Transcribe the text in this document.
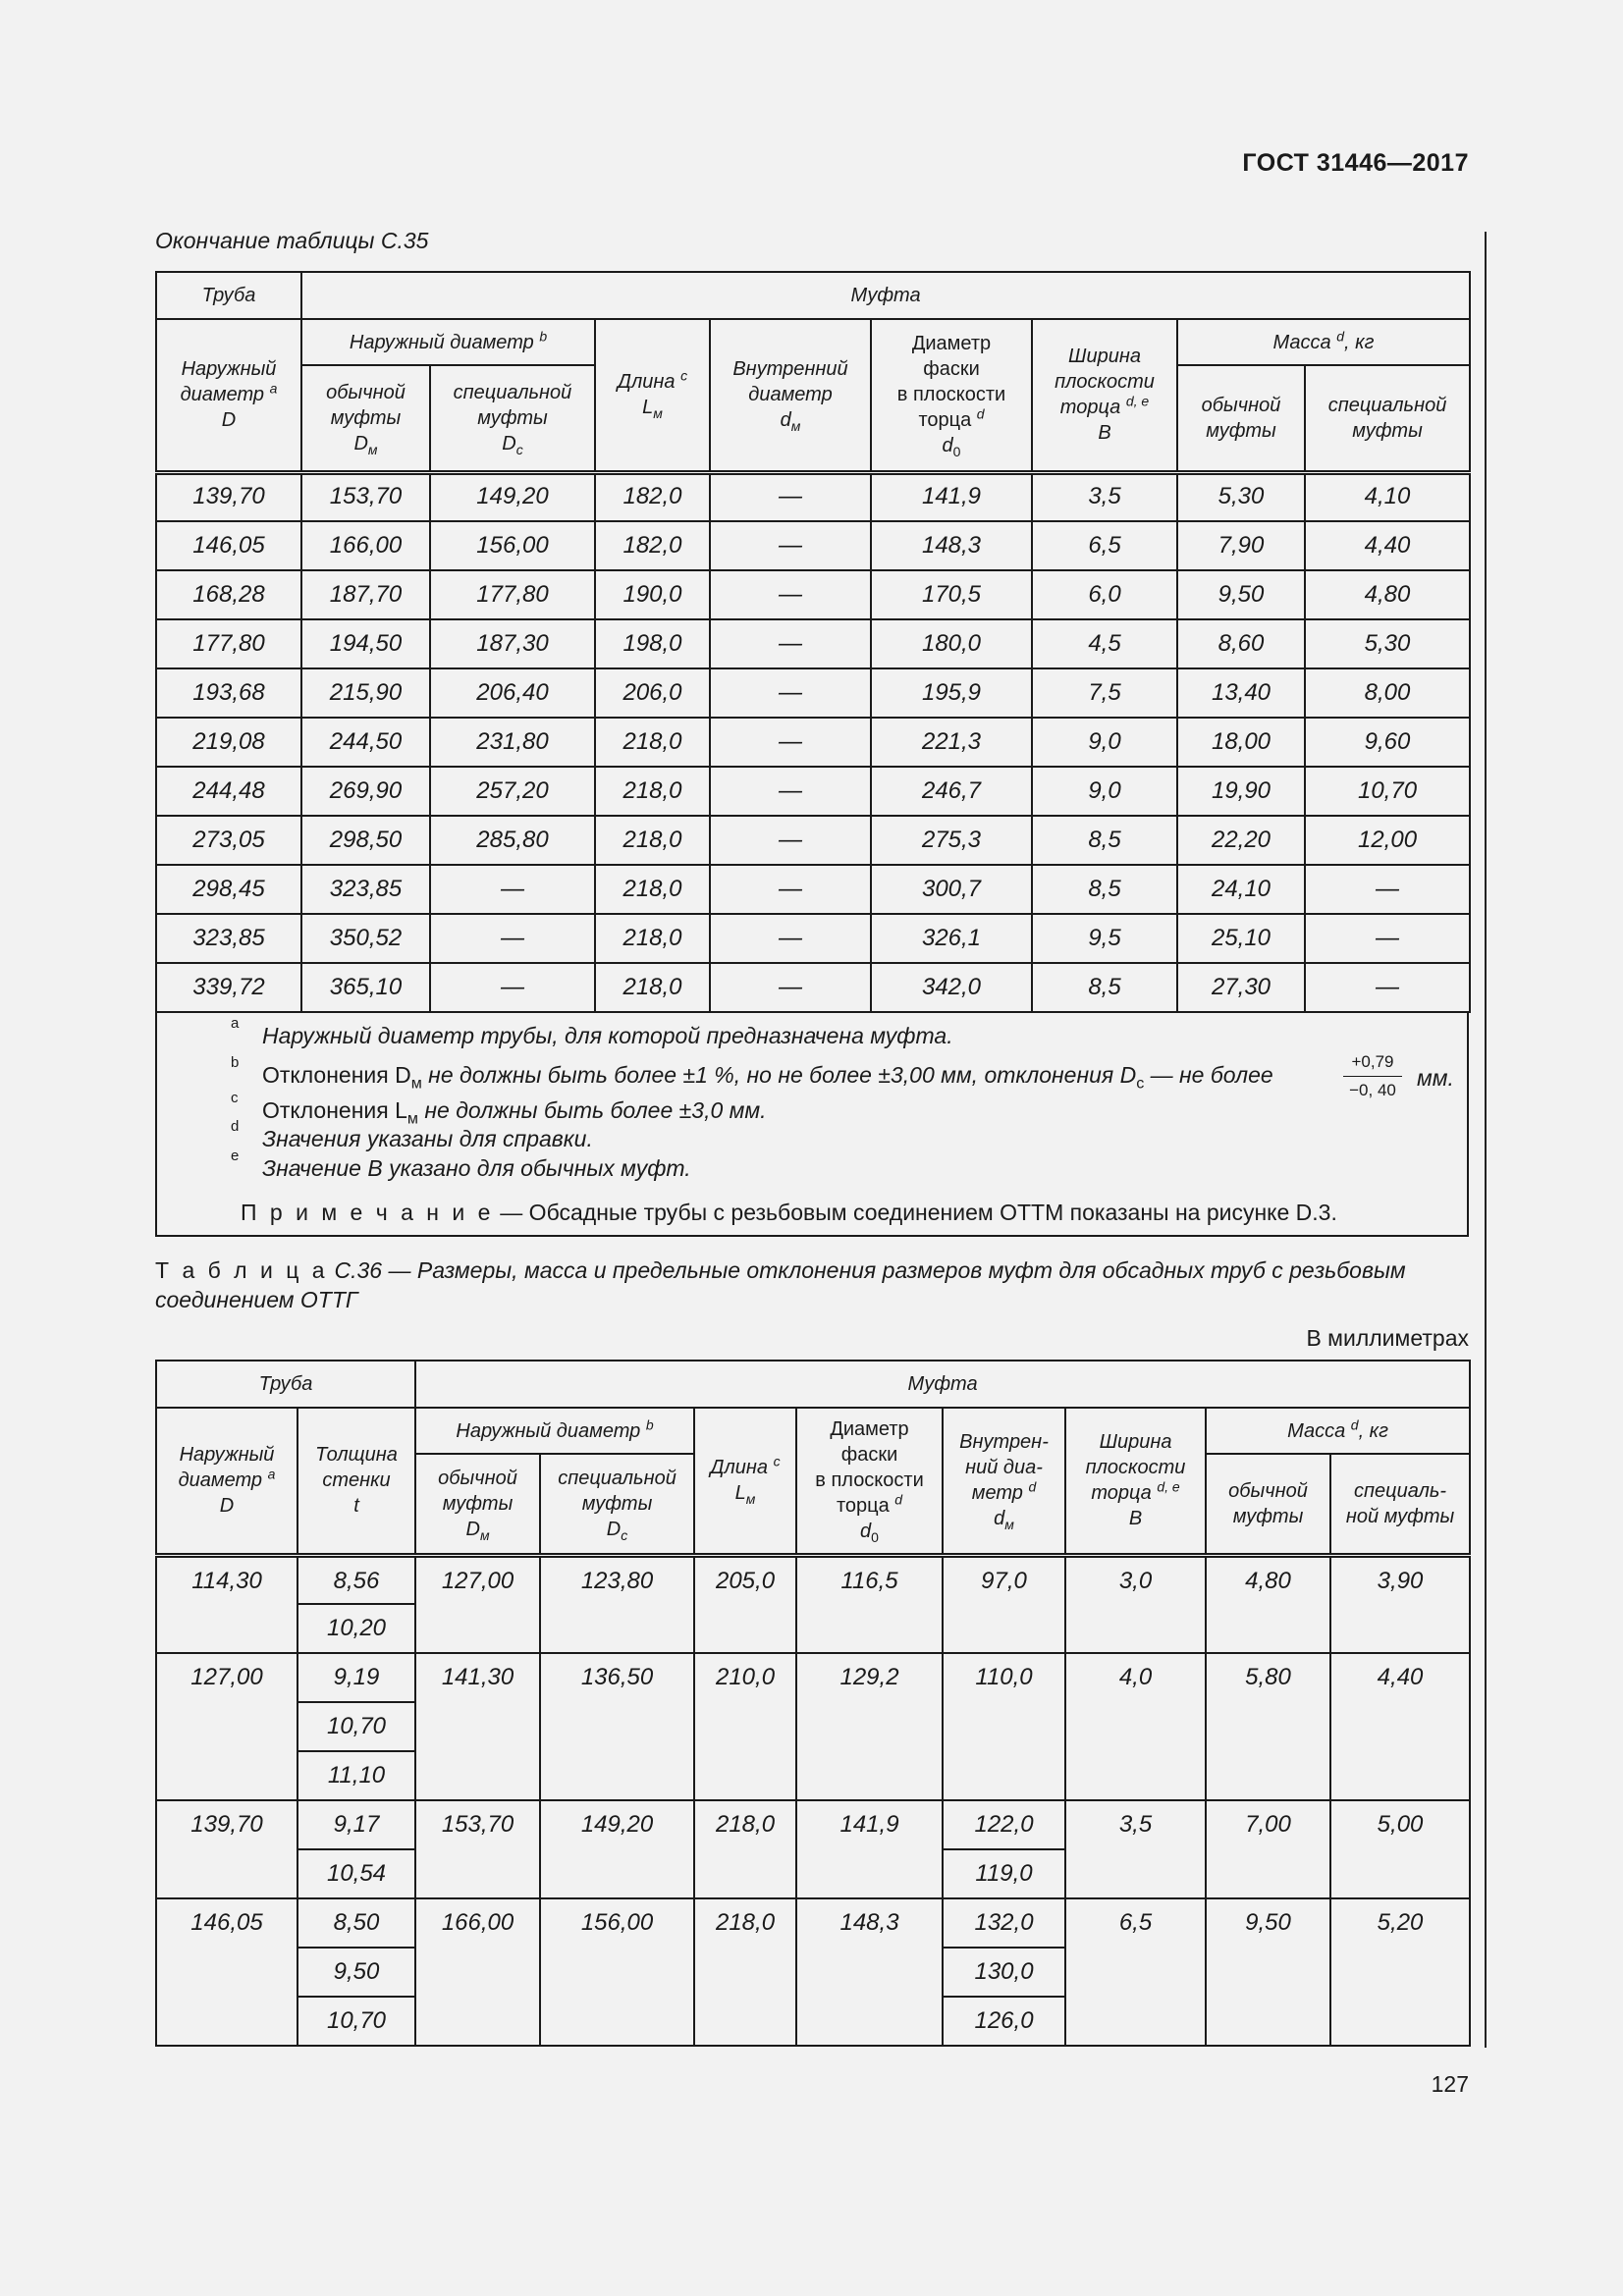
ГОСТ 31446—2017
Окончание таблицы С.35
Труба	Муфта							
Наружный
диаметр $^a$
D	Наружный диаметр $^b$		Длина $^c$
$L_м$	Внутренний
диаметр
$d_м$	Диаметр
фаски
в плоскости
торца $^d$
$d_0$	Ширина
плоскости
торца $^{d, e}$
B	Масса $^d$, кг	
	обычной
муфты
$D_м$	специальной
муфты
$D_с$					обычной
муфты	специальной
муфты
139,70	153,70	149,20	182,0	—	141,9	3,5	5,30	4,10
146,05	166,00	156,00	182,0	—	148,3	6,5	7,90	4,40
168,28	187,70	177,80	190,0	—	170,5	6,0	9,50	4,80
177,80	194,50	187,30	198,0	—	180,0	4,5	8,60	5,30
193,68	215,90	206,40	206,0	—	195,9	7,5	13,40	8,00
219,08	244,50	231,80	218,0	—	221,3	9,0	18,00	9,60
244,48	269,90	257,20	218,0	—	246,7	9,0	19,90	10,70
273,05	298,50	285,80	218,0	—	275,3	8,5	22,20	12,00
298,45	323,85	—	218,0	—	300,7	8,5	24,10	—
323,85	350,52	—	218,0	—	326,1	9,5	25,10	—
339,72	365,10	—	218,0	—	342,0	8,5	27,30	—
a Наружный диаметр трубы, для которой предназначена муфта.
b Отклонения $D_м$ не должны быть более ±1 %, но не более ±3,00 мм, отклонения $D_с$ — не более
+0,79
−0, 40 мм.
c Отклонения $L_м$ не должны быть более ±3,0 мм.
d Значения указаны для справки.
e Значение В указано для обычных муфт.
П р и м е ч а н и е — Обсадные трубы с резьбовым соединением ОТТМ показаны на рисунке D.3.
Т а б л и ц а С.36 — Размеры, масса и предельные отклонения размеров муфт для обсадных труб с резьбовым соединением ОТТГ
В миллиметрах
Труба		Муфта							
Наружный
диаметр $^a$
D	Толщина
стенки
t	Наружный диаметр $^b$		Длина $^c$
$L_м$	Диаметр
фаски
в плоскости
торца $^d$
$d_0$	Внутрен-
ний диа-
метр $^d$
$d_м$	Ширина
плоскости
торца $^{d, e}$
B	Масса $^d$, кг	
		обычной
муфты
$D_м$	специальной
муфты
$D_с$					обычной
муфты	специаль-
ной муфты
114,30	8,56	127,00	123,80	205,0	116,5	97,0	3,0	4,80	3,90
	10,20								
127,00	9,19	141,30	136,50	210,0	129,2	110,0	4,0	5,80	4,40
	10,70								
	11,10								
139,70	9,17	153,70	149,20	218,0	141,9	122,0	3,5	7,00	5,00
	10,54					119,0			
146,05	8,50	166,00	156,00	218,0	148,3	132,0	6,5	9,50	5,20
	9,50					130,0			
	10,70					126,0			
127
